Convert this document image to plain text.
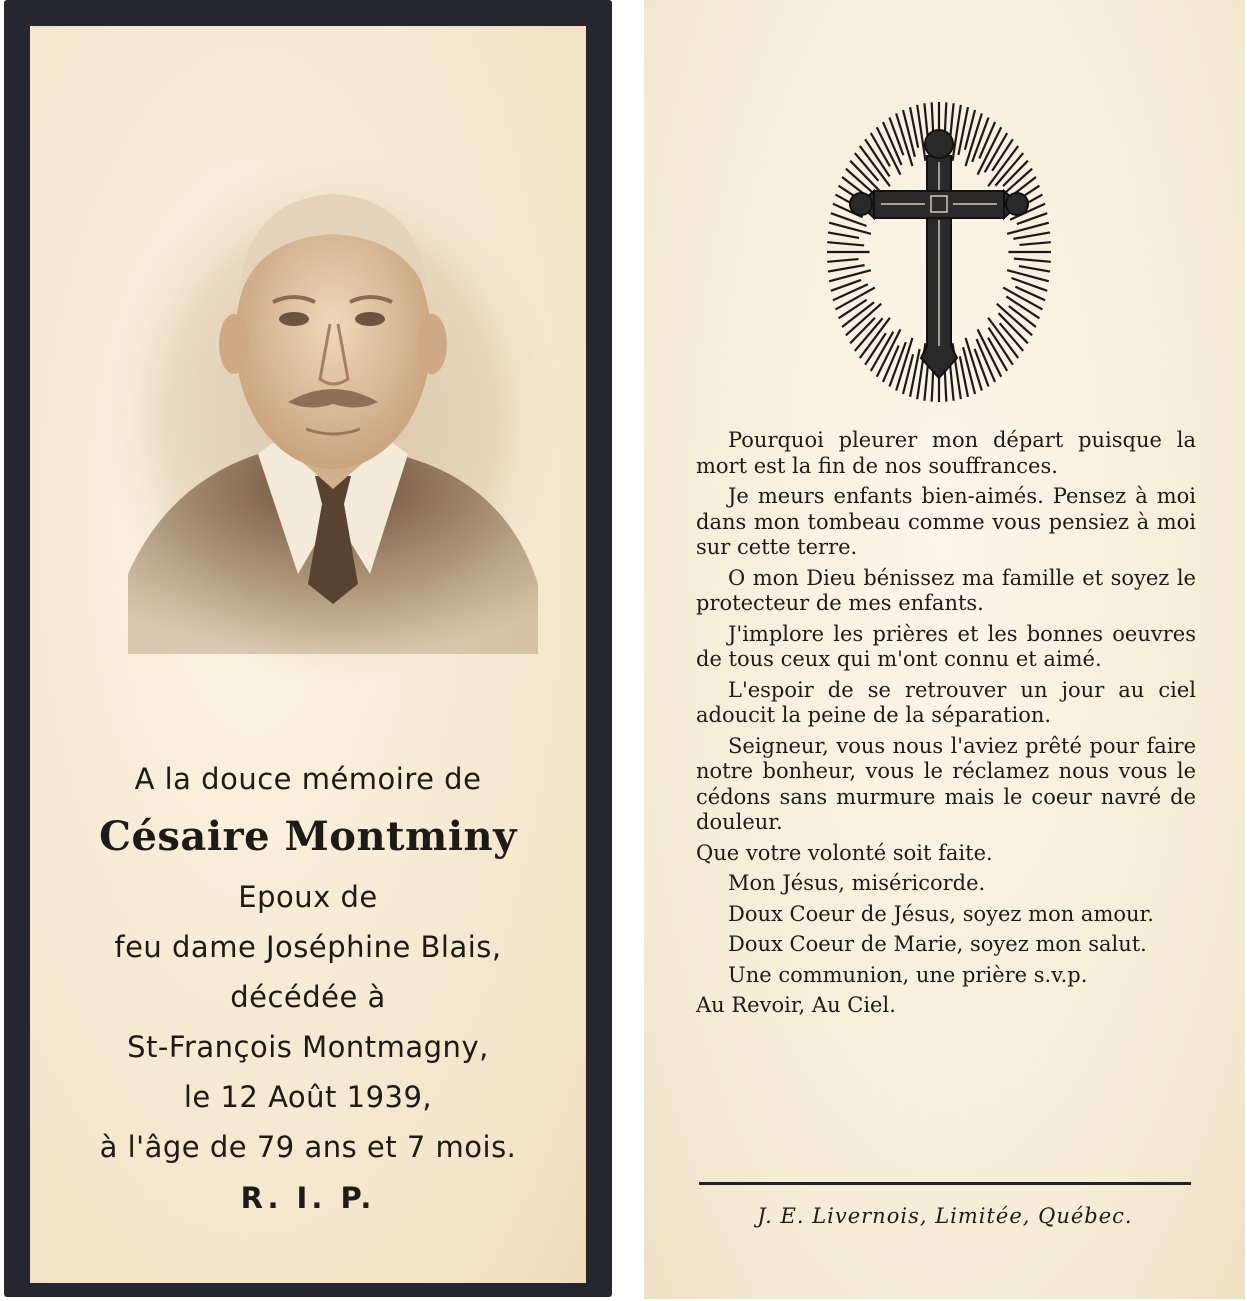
A la douce mémoire de
Césaire Montminy
Epoux de
feu dame Joséphine Blais,
décédée à
St-François Montmagny,
le 12 Août 1939,
à l'âge de 79 ans et 7 mois.
R. I. P.

Pourquoi pleurer mon départ puisque la mort est la fin de nos souffrances.

Je meurs enfants bien-aimés. Pensez à moi dans mon tombeau comme vous pensiez à moi sur cette terre.

O mon Dieu bénissez ma famille et soyez le protecteur de mes enfants.

J'implore les prières et les bonnes oeuvres de tous ceux qui m'ont connu et aimé.

L'espoir de se retrouver un jour au ciel adoucit la peine de la séparation.

Seigneur, vous nous l'aviez prêté pour faire notre bonheur, vous le réclamez nous vous le cédons sans murmure mais le coeur navré de douleur.

Que votre volonté soit faite.

Mon Jésus, miséricorde.

Doux Coeur de Jésus, soyez mon amour.

Doux Coeur de Marie, soyez mon salut.

Une communion, une prière s.v.p.

Au Revoir, Au Ciel.

J. E. Livernois, Limitée, Québec.
